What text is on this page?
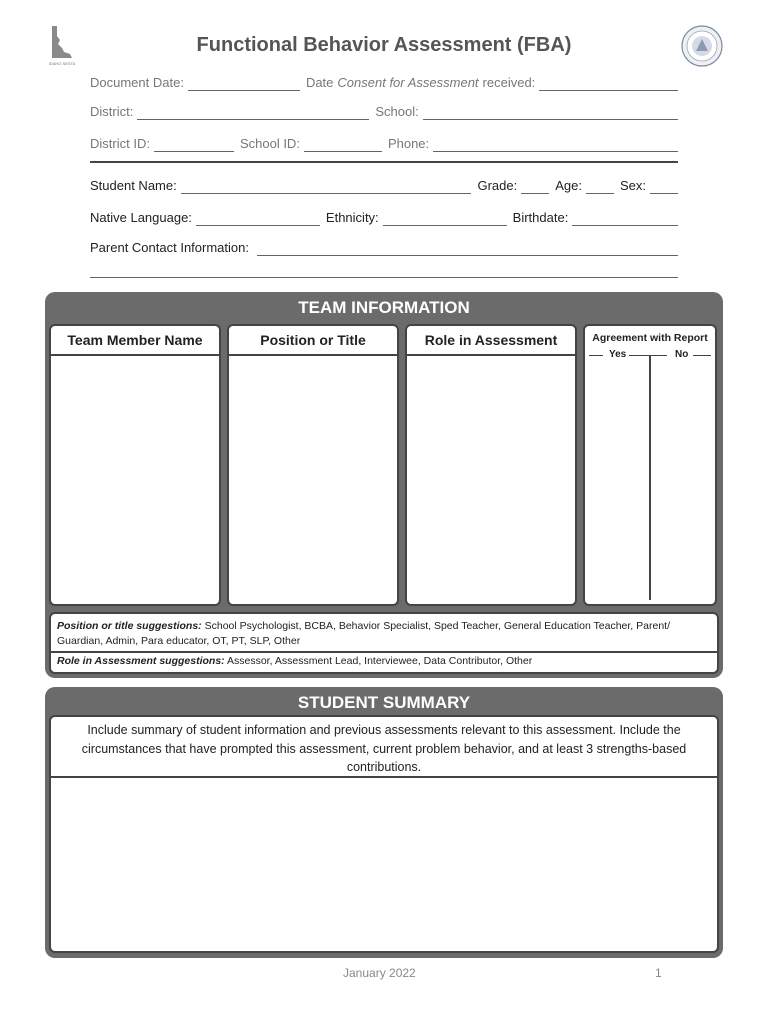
IDAHO SESTA
Functional Behavior Assessment (FBA)
Document Date:	Date Consent for Assessment received:
District:	School:
District ID:	School ID:	Phone:
Student Name:	Grade:	Age:	Sex:
Native Language:	Ethnicity:	Birthdate:
Parent Contact Information:
TEAM INFORMATION
Team Member Name	Position or Title	Role in Assessment	Agreement with Report
Yes	No
Position or title suggestions: School Psychologist, BCBA, Behavior Specialist, Sped Teacher, General Education Teacher, Parent/ Guardian, Admin, Para educator, OT, PT, SLP, Other
Role in Assessment suggestions: Assessor, Assessment Lead, Interviewee, Data Contributor, Other
STUDENT SUMMARY
Include summary of student information and previous assessments relevant to this assessment. Include the circumstances that have prompted this assessment, current problem behavior, and at least 3 strengths-based contributions.
January 2022	1
